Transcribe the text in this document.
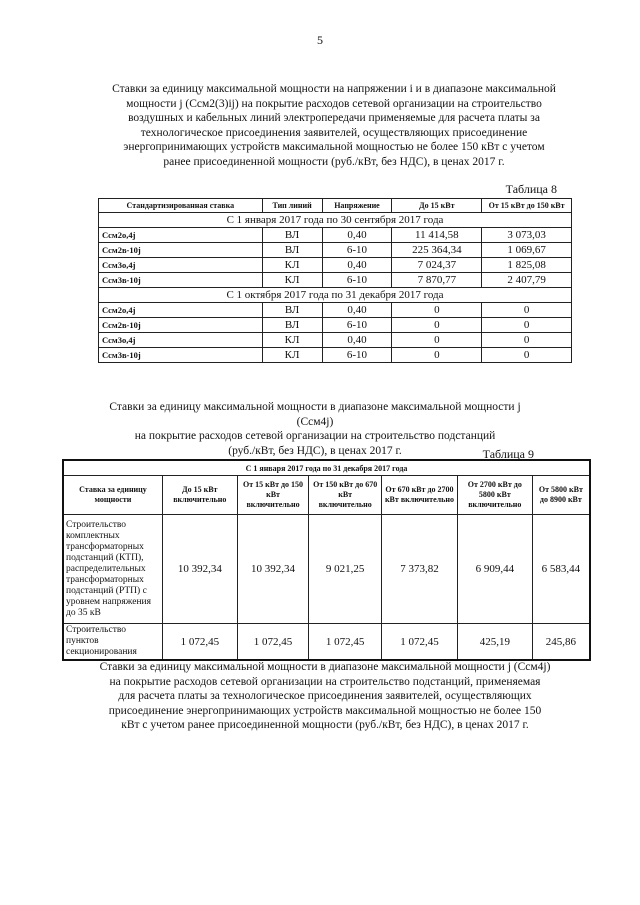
5
Ставки за единицу максимальной мощности на напряжении i и в диапазоне максимальной
мощности j (Cсм2(3)ij) на покрытие расходов сетевой организации на строительство
воздушных и кабельных линий электропередачи применяемые для расчета платы за
технологическое присоединения заявителей, осуществляющих присоединение
энергопринимающих устройств максимальной мощностью не более 150 кВт с учетом
ранее присоединенной мощности (руб./кВт, без НДС), в ценах 2017 г.
Таблица 8
Стандартизированная ставка	Тип линий	Напряжение	До 15 кВт	От 15 кВт до 150 кВт
С 1 января 2017 года по 30 сентября 2017 года				
Cсм2о,4j	ВЛ	0,40	11 414,58	3 073,03
Cсм2в-10j	ВЛ	6-10	225 364,34	1 069,67
Cсм3о,4j	КЛ	0,40	7 024,37	1 825,08
Cсм3в-10j	КЛ	6-10	7 870,77	2 407,79
С 1 октября 2017 года по 31 декабря 2017 года				
Cсм2о,4j	ВЛ	0,40	0	0
Cсм2в-10j	ВЛ	6-10	0	0
Cсм3о,4j	КЛ	0,40	0	0
Cсм3в-10j	КЛ	6-10	0	0
Ставки за единицу максимальной мощности в диапазоне максимальной мощности j (Cсм4j)
на покрытие расходов сетевой организации на строительство подстанций
(руб./кВт, без НДС), в ценах 2017 г.	Таблица 9
С 1 января 2017 года по 31 декабря 2017 года						
Ставка за единицу мощности	До 15 кВт включительно	От 15 кВт до 150 кВт включительно	От 150 кВт до 670 кВт включительно	От 670 кВт до 2700 кВт включительно	От 2700 кВт до 5800 кВт включительно	От 5800 кВт до 8900 кВт
Строительство комплектных трансформаторных подстанций (КТП), распределительных трансформаторных подстанций (РТП) с уровнем напряжения до 35 кВ	10 392,34	10 392,34	9 021,25	7 373,82	6 909,44	6 583,44
Строительство пунктов секционирования	1 072,45	1 072,45	1 072,45	1 072,45	425,19	245,86
Ставки за единицу максимальной мощности в диапазоне максимальной мощности j (Cсм4j)
на покрытие расходов сетевой организации на строительство подстанций, применяемая
для расчета платы за технологическое присоединения заявителей, осуществляющих
присоединение энергопринимающих устройств максимальной мощностью не более 150
кВт с учетом ранее присоединенной мощности (руб./кВт, без НДС), в ценах 2017 г.
